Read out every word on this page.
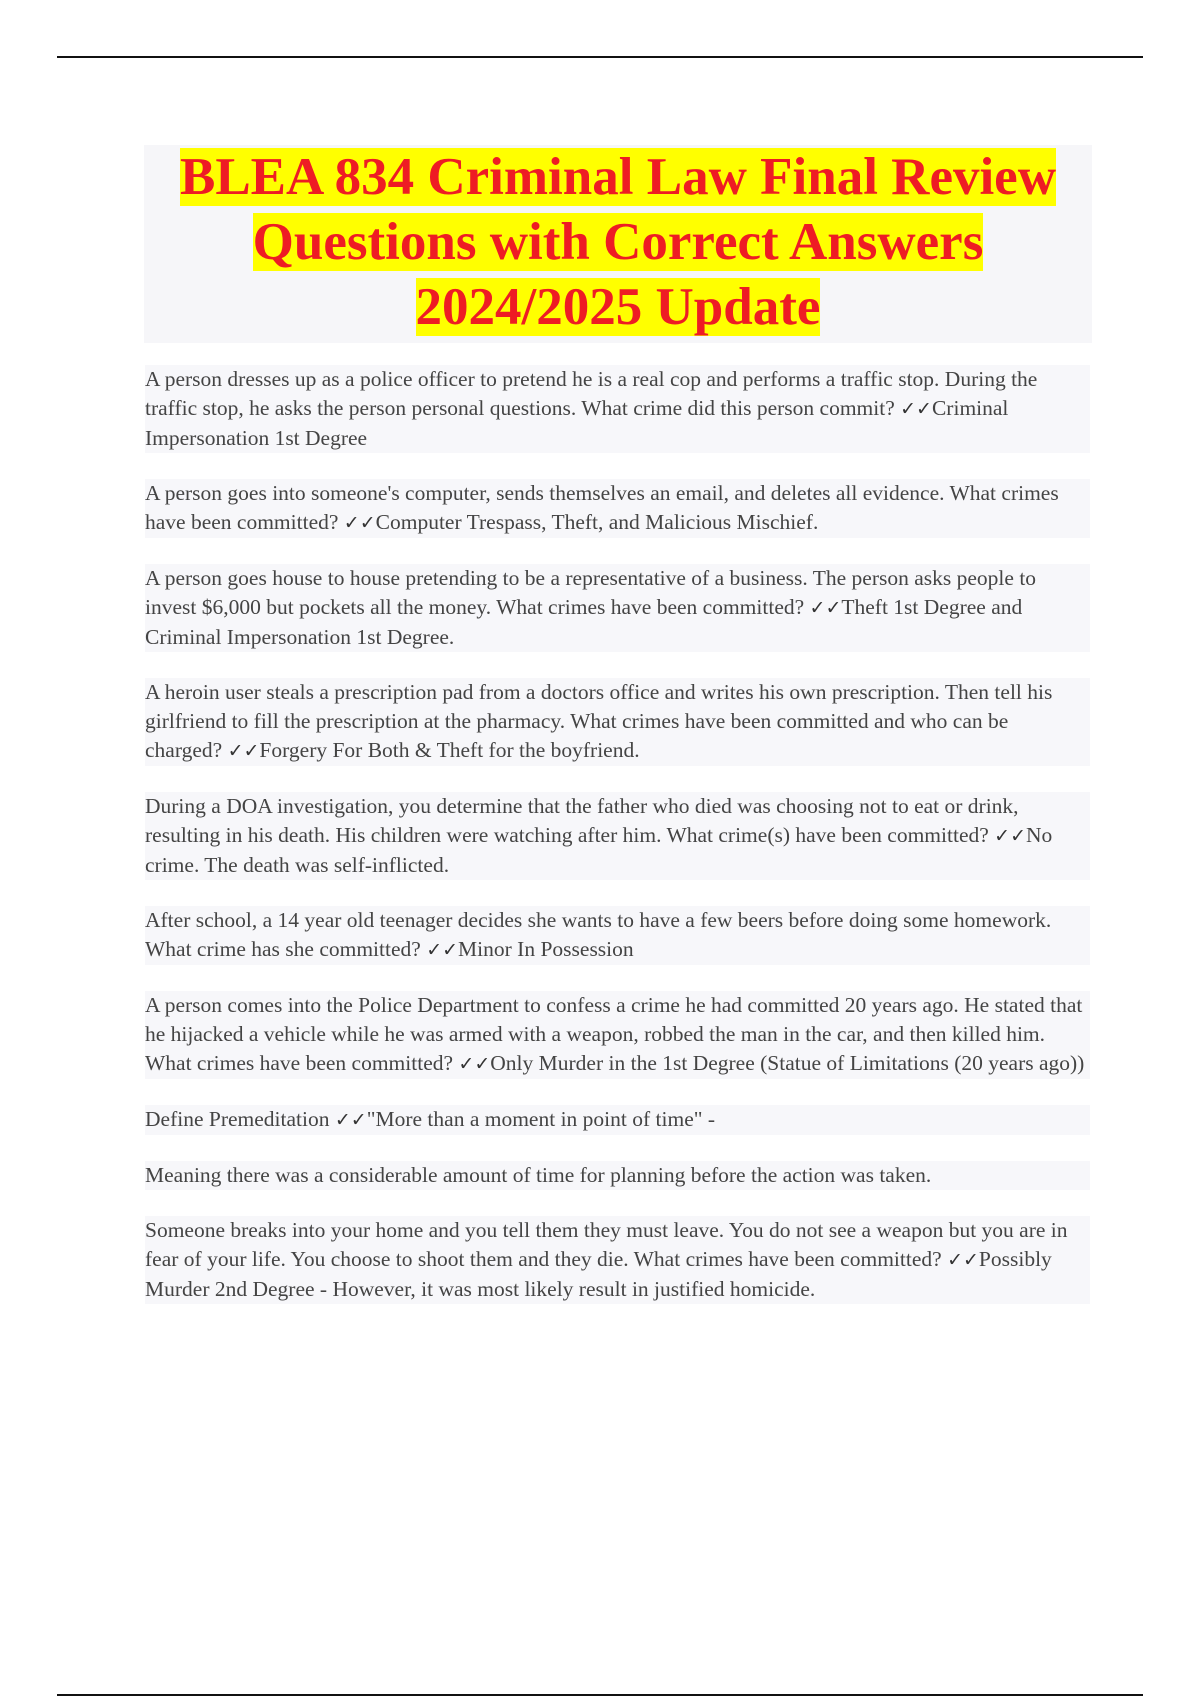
BLEA 834 Criminal Law Final Review
Questions with Correct Answers
2024/2025 Update

A person dresses up as a police officer to pretend he is a real cop and performs a traffic stop. During the traffic stop, he asks the person personal questions. What crime did this person commit? ✓✓Criminal Impersonation 1st Degree

A person goes into someone's computer, sends themselves an email, and deletes all evidence. What crimes have been committed? ✓✓Computer Trespass, Theft, and Malicious Mischief.

A person goes house to house pretending to be a representative of a business. The person asks people to invest $6,000 but pockets all the money. What crimes have been committed? ✓✓Theft 1st Degree and Criminal Impersonation 1st Degree.

A heroin user steals a prescription pad from a doctors office and writes his own prescription. Then tell his girlfriend to fill the prescription at the pharmacy. What crimes have been committed and who can be charged? ✓✓Forgery For Both & Theft for the boyfriend.

During a DOA investigation, you determine that the father who died was choosing not to eat or drink, resulting in his death. His children were watching after him. What crime(s) have been committed? ✓✓No crime. The death was self-inflicted.

After school, a 14 year old teenager decides she wants to have a few beers before doing some homework. What crime has she committed? ✓✓Minor In Possession

A person comes into the Police Department to confess a crime he had committed 20 years ago. He stated that he hijacked a vehicle while he was armed with a weapon, robbed the man in the car, and then killed him. What crimes have been committed? ✓✓Only Murder in the 1st Degree (Statue of Limitations (20 years ago))

Define Premeditation ✓✓"More than a moment in point of time" -

Meaning there was a considerable amount of time for planning before the action was taken.

Someone breaks into your home and you tell them they must leave. You do not see a weapon but you are in fear of your life. You choose to shoot them and they die. What crimes have been committed? ✓✓Possibly Murder 2nd Degree - However, it was most likely result in justified homicide.
